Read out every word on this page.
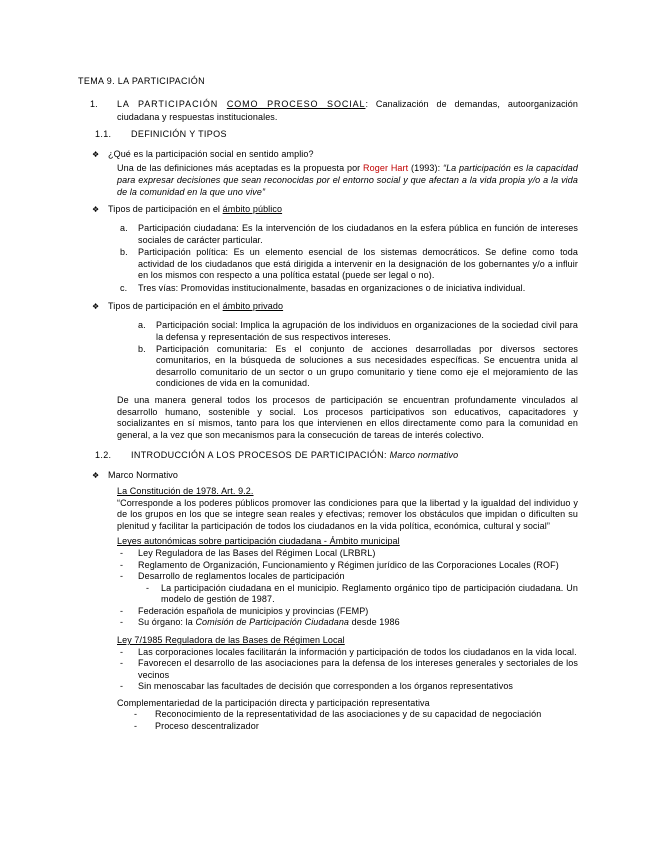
TEMA 9. LA PARTICIPACIÓN
1. LA PARTICIPACIÓN COMO PROCESO SOCIAL: Canalización de demandas, autoorganización ciudadana y respuestas institucionales.
1.1. DEFINICIÓN Y TIPOS
❖
¿Qué es la participación social en sentido amplio?
Una de las definiciones más aceptadas es la propuesta por Roger Hart (1993): “La participación es la capacidad para expresar decisiones que sean reconocidas por el entorno social y que afectan a la vida propia y/o a la vida de la comunidad en la que uno vive”
❖
Tipos de participación en el ámbito público
a. Participación ciudadana: Es la intervención de los ciudadanos en la esfera pública en función de intereses sociales de carácter particular.
b. Participación política: Es un elemento esencial de los sistemas democráticos. Se define como toda actividad de los ciudadanos que está dirigida a intervenir en la designación de los gobernantes y/o a influir en los mismos con respecto a una política estatal (puede ser legal o no).
c. Tres vías: Promovidas institucionalmente, basadas en organizaciones o de iniciativa individual.
❖
Tipos de participación en el ámbito privado
a. Participación social: Implica la agrupación de los individuos en organizaciones de la sociedad civil para la defensa y representación de sus respectivos intereses.
b. Participación comunitaria: Es el conjunto de acciones desarrolladas por diversos sectores comunitarios, en la búsqueda de soluciones a sus necesidades específicas. Se encuentra unida al desarrollo comunitario de un sector o un grupo comunitario y tiene como eje el mejoramiento de las condiciones de vida en la comunidad.
De una manera general todos los procesos de participación se encuentran profundamente vinculados al desarrollo humano, sostenible y social. Los procesos participativos son educativos, capacitadores y socializantes en sí mismos, tanto para los que intervienen en ellos directamente como para la comunidad en general, a la vez que son mecanismos para la consecución de tareas de interés colectivo.
1.2. INTRODUCCIÓN A LOS PROCESOS DE PARTICIPACIÓN: Marco normativo
❖
Marco Normativo
La Constitución de 1978. Art. 9.2.
“Corresponde a los poderes públicos promover las condiciones para que la libertad y la igualdad del individuo y de los grupos en los que se integre sean reales y efectivas; remover los obstáculos que impidan o dificulten su plenitud y facilitar la participación de todos los ciudadanos en la vida política, económica, cultural y social”
Leyes autonómicas sobre participación ciudadana - Ámbito municipal
- Ley Reguladora de las Bases del Régimen Local (LRBRL)
- Reglamento de Organización, Funcionamiento y Régimen jurídico de las Corporaciones Locales (ROF)
- Desarrollo de reglamentos locales de participación
- La participación ciudadana en el municipio. Reglamento orgánico tipo de participación ciudadana. Un modelo de gestión de 1987.
- Federación española de municipios y provincias (FEMP)
- Su órgano: la Comisión de Participación Ciudadana desde 1986
Ley 7/1985 Reguladora de las Bases de Régimen Local
- Las corporaciones locales facilitarán la información y participación de todos los ciudadanos en la vida local.
- Favorecen el desarrollo de las asociaciones para la defensa de los intereses generales y sectoriales de los vecinos
- Sin menoscabar las facultades de decisión que corresponden a los órganos representativos
Complementariedad de la participación directa y participación representativa
- Reconocimiento de la representatividad de las asociaciones y de su capacidad de negociación
- Proceso descentralizador
